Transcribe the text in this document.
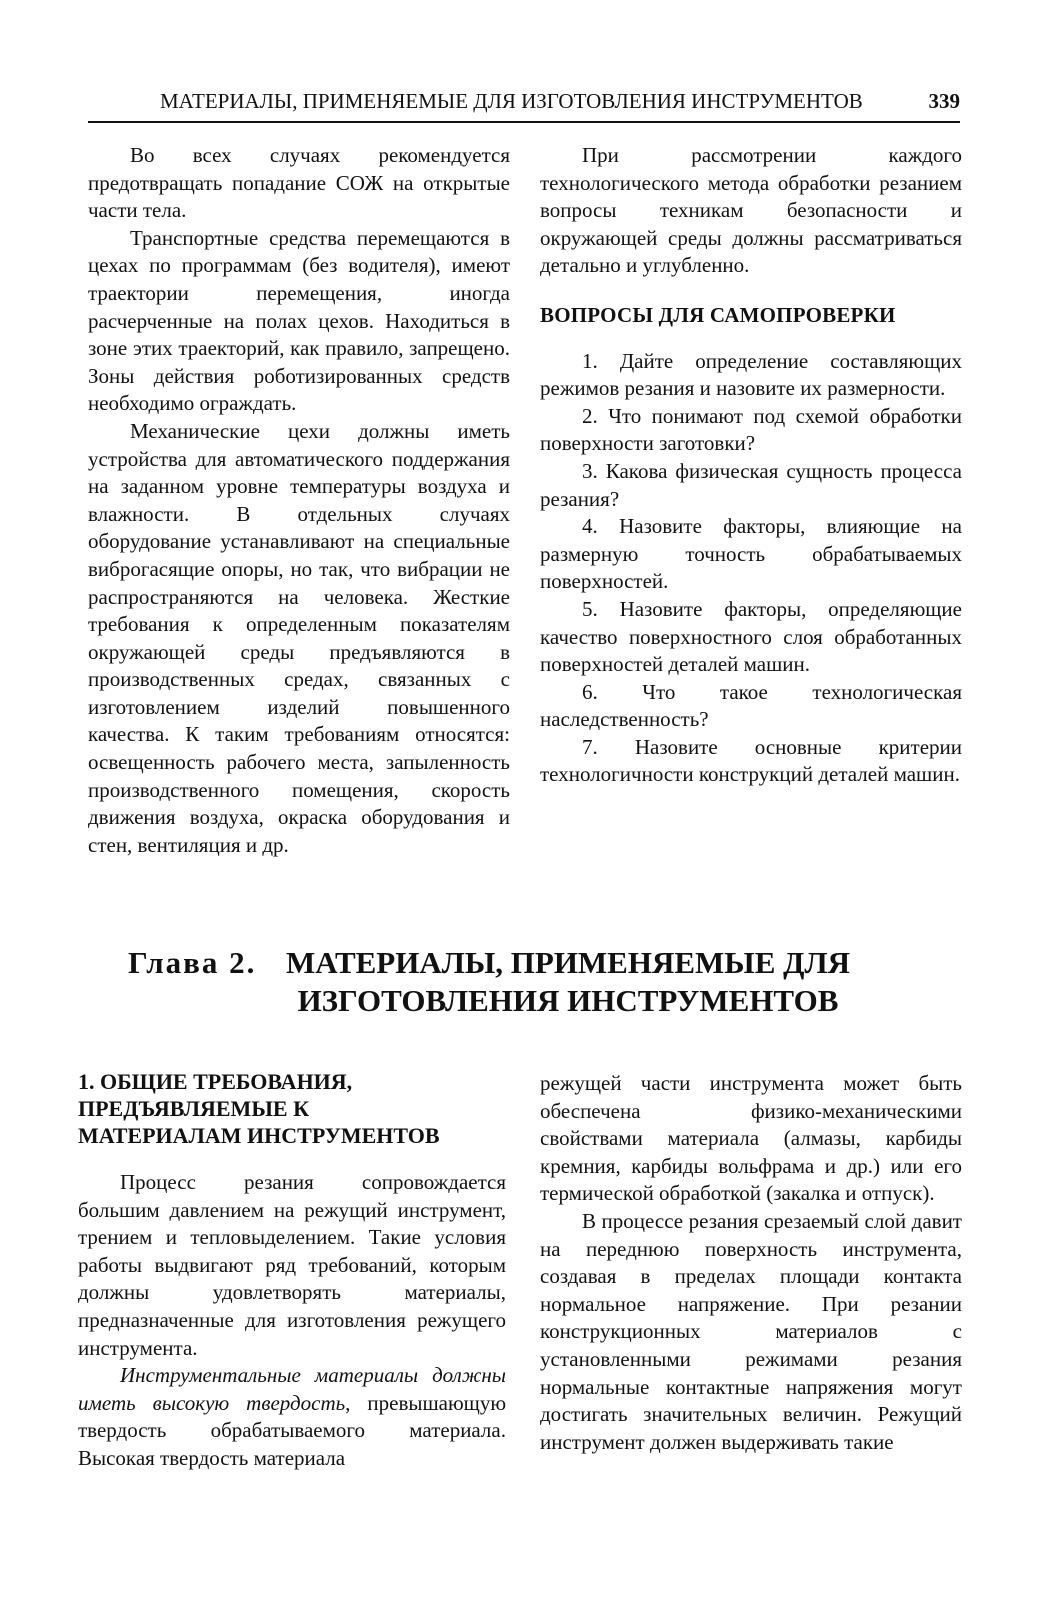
МАТЕРИАЛЫ, ПРИМЕНЯЕМЫЕ ДЛЯ ИЗГОТОВЛЕНИЯ ИНСТРУМЕНТОВ	339

Во всех случаях рекомендуется предотвращать попадание СОЖ на открытые части тела.

Транспортные средства перемещаются в цехах по программам (без водителя), имеют траектории перемещения, иногда расчерченные на полах цехов. Находиться в зоне этих траекторий, как правило, запрещено. Зоны действия роботизированных средств необходимо ограждать.

Механические цехи должны иметь устройства для автоматического поддержания на заданном уровне температуры воздуха и влажности. В отдельных случаях оборудование устанавливают на специальные виброгасящие опоры, но так, что вибрации не распространяются на человека. Жесткие требования к определенным показателям окружающей среды предъявляются в производственных средах, связанных с изготовлением изделий повышенного качества. К таким требованиям относятся: освещенность рабочего места, запыленность производственного помещения, скорость движения воздуха, окраска оборудования и стен, вентиляция и др.

При рассмотрении каждого технологического метода обработки резанием вопросы техникам безопасности и окружающей среды должны рассматриваться детально и углубленно.

ВОПРОСЫ ДЛЯ САМОПРОВЕРКИ

1. Дайте определение составляющих режимов резания и назовите их размерности.

2. Что понимают под схемой обработки поверхности заготовки?

3. Какова физическая сущность процесса резания?

4. Назовите факторы, влияющие на размерную точность обрабатываемых поверхностей.

5. Назовите факторы, определяющие качество поверхностного слоя обработанных поверхностей деталей машин.

6. Что такое технологическая наследственность?

7. Назовите основные критерии технологичности конструкций деталей машин.

Глава 2. МАТЕРИАЛЫ, ПРИМЕНЯЕМЫЕ ДЛЯ
ИЗГОТОВЛЕНИЯ ИНСТРУМЕНТОВ
1. ОБЩИЕ ТРЕБОВАНИЯ,
ПРЕДЪЯВЛЯЕМЫЕ К
МАТЕРИАЛАМ ИНСТРУМЕНТОВ

Процесс резания сопровождается большим давлением на режущий инструмент, трением и тепловыделением. Такие условия работы выдвигают ряд требований, которым должны удовлетворять материалы, предназначенные для изготовления режущего инструмента.

Инструментальные материалы должны иметь высокую твердость, превышающую твердость обрабатываемого материала. Высокая твердость материала

режущей части инструмента может быть обеспечена физико-механическими свойствами материала (алмазы, карбиды кремния, карбиды вольфрама и др.) или его термической обработкой (закалка и отпуск).

В процессе резания срезаемый слой давит на переднюю поверхность инструмента, создавая в пределах площади контакта нормальное напряжение. При резании конструкционных материалов с установленными режимами резания нормальные контактные напряжения могут достигать значительных величин. Режущий инструмент должен выдерживать такие
